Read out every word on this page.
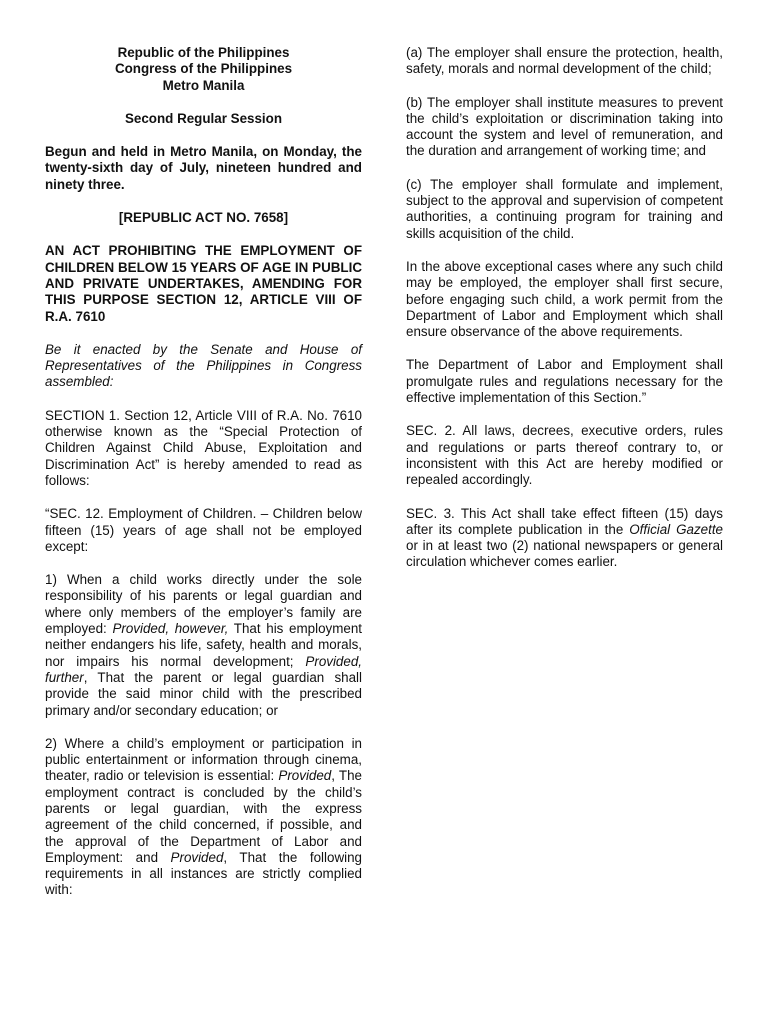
Republic of the Philippines

Congress of the Philippines

Metro Manila

Second Regular Session

Begun and held in Metro Manila, on Monday, the twenty-sixth day of July, nineteen hundred and ninety three.

[REPUBLIC ACT NO. 7658]

AN ACT PROHIBITING THE EMPLOYMENT OF CHILDREN BELOW 15 YEARS OF AGE IN PUBLIC AND PRIVATE UNDERTAKES, AMENDING FOR THIS PURPOSE SECTION 12, ARTICLE VIII OF R.A. 7610

Be it enacted by the Senate and House of Representatives of the Philippines in Congress assembled:

SECTION 1. Section 12, Article VIII of R.A. No. 7610 otherwise known as the “Special Protection of Children Against Child Abuse, Exploitation and Discrimination Act” is hereby amended to read as follows:

“SEC. 12. Employment of Children. – Children below fifteen (15) years of age shall not be employed except:

1) When a child works directly under the sole responsibility of his parents or legal guardian and where only members of the employer’s family are employed: Provided, however, That his employment neither endangers his life, safety, health and morals, nor impairs his normal development; Provided, further, That the parent or legal guardian shall provide the said minor child with the prescribed primary and/or secondary education; or

2) Where a child’s employment or participation in public entertainment or information through cinema, theater, radio or television is essential: Provided, The employment contract is concluded by the child’s parents or legal guardian, with the express agreement of the child concerned, if possible, and the approval of the Department of Labor and Employment: and Provided, That the following requirements in all instances are strictly complied with:

(a) The employer shall ensure the protection, health, safety, morals and normal development of the child;

(b) The employer shall institute measures to prevent the child’s exploitation or discrimination taking into account the system and level of remuneration, and the duration and arrangement of working time; and

(c) The employer shall formulate and implement, subject to the approval and supervision of competent authorities, a continuing program for training and skills acquisition of the child.

In the above exceptional cases where any such child may be employed, the employer shall first secure, before engaging such child, a work permit from the Department of Labor and Employment which shall ensure observance of the above requirements.

The Department of Labor and Employment shall promulgate rules and regulations necessary for the effective implementation of this Section.”

SEC. 2. All laws, decrees, executive orders, rules and regulations or parts thereof contrary to, or inconsistent with this Act are hereby modified or repealed accordingly.

SEC. 3. This Act shall take effect fifteen (15) days after its complete publication in the Official Gazette or in at least two (2) national newspapers or general circulation whichever comes earlier.
